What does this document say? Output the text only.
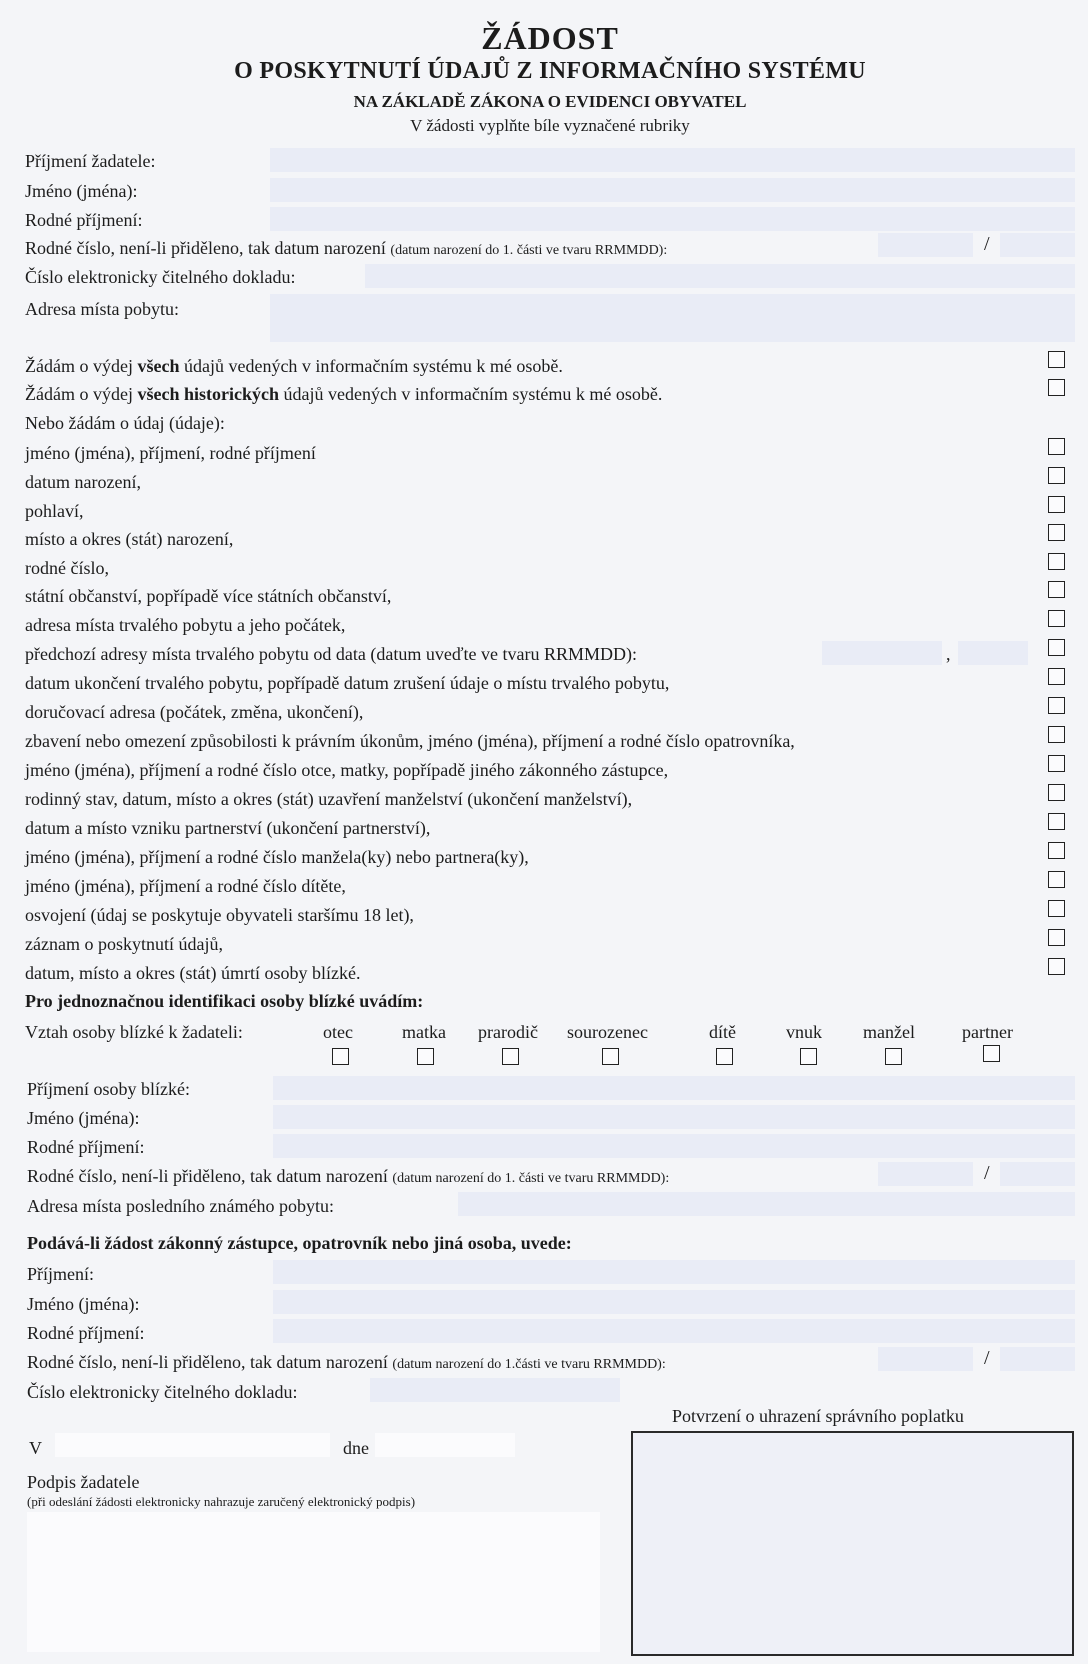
ŽÁDOST
O POSKYTNUTÍ ÚDAJŮ Z INFORMAČNÍHO SYSTÉMU
NA ZÁKLADĚ ZÁKONA O EVIDENCI OBYVATEL
V žádosti vyplňte bíle vyznačené rubriky
Příjmení žadatele:
Jméno (jména):
Rodné příjmení:
Rodné číslo, není-li přiděleno, tak datum narození (datum narození do 1. části ve tvaru RRMMDD):	/
Číslo elektronicky čitelného dokladu:
Adresa místa pobytu:
Žádám o výdej všech údajů vedených v informačním systému k mé osobě.
Žádám o výdej všech historických údajů vedených v informačním systému k mé osobě.
Nebo žádám o údaj (údaje):
jméno (jména), příjmení, rodné příjmení
datum narození,
pohlaví,
místo a okres (stát) narození,
rodné číslo,
státní občanství, popřípadě více státních občanství,
adresa místa trvalého pobytu a jeho počátek,
předchozí adresy místa trvalého pobytu od data (datum uveďte ve tvaru RRMMDD):	,
datum ukončení trvalého pobytu, popřípadě datum zrušení údaje o místu trvalého pobytu,
doručovací adresa (počátek, změna, ukončení),
zbavení nebo omezení způsobilosti k právním úkonům, jméno (jména), příjmení a rodné číslo opatrovníka,
jméno (jména), příjmení a rodné číslo otce, matky, popřípadě jiného zákonného zástupce,
rodinný stav, datum, místo a okres (stát) uzavření manželství (ukončení manželství),
datum a místo vzniku partnerství (ukončení partnerství),
jméno (jména), příjmení a rodné číslo manžela(ky) nebo partnera(ky),
jméno (jména), příjmení a rodné číslo dítěte,
osvojení (údaj se poskytuje obyvateli staršímu 18 let),
záznam o poskytnutí údajů,
datum, místo a okres (stát) úmrtí osoby blízké.
Pro jednoznačnou identifikaci osoby blízké uvádím:
Vztah osoby blízké k žadateli:	otec	matka prarodič sourozenec	dítě	vnuk manžel	partner
Příjmení osoby blízké:
Jméno (jména):
Rodné příjmení:
Rodné číslo, není-li přiděleno, tak datum narození (datum narození do 1. části ve tvaru RRMMDD):	/
Adresa místa posledního známého pobytu:
Podává-li žádost zákonný zástupce, opatrovník nebo jiná osoba, uvede:
Příjmení:
Jméno (jména):
Rodné příjmení:
Rodné číslo, není-li přiděleno, tak datum narození (datum narození do 1.části ve tvaru RRMMDD):	/
Číslo elektronicky čitelného dokladu:
Potvrzení o uhrazení správního poplatku
V	dne
Podpis žadatele
(při odeslání žádosti elektronicky nahrazuje zaručený elektronický podpis)
